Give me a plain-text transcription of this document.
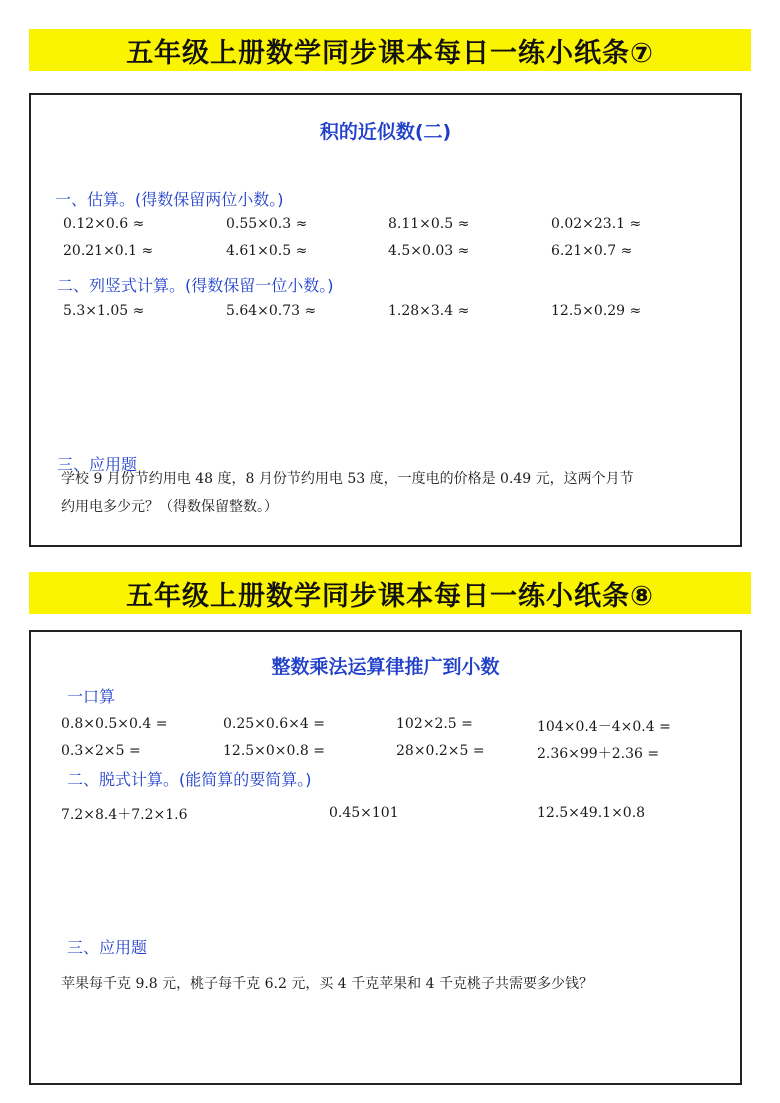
五年级上册数学同步课本每日一练小纸条⑦
积的近似数(二)
一、估算。(得数保留两位小数。)
0.12×0.6 ≈	0.55×0.3 ≈	8.11×0.5 ≈	0.02×23.1 ≈
20.21×0.1 ≈	4.61×0.5 ≈	4.5×0.03 ≈	6.21×0.7 ≈
二、列竖式计算。(得数保留一位小数。)
5.3×1.05 ≈	5.64×0.73 ≈	1.28×3.4 ≈	12.5×0.29 ≈
三、应用题
学校 9 月份节约用电 48 度，8 月份节约用电 53 度，一度电的价格是 0.49 元，这两个月节
约用电多少元？（得数保留整数。）
五年级上册数学同步课本每日一练小纸条⑧
整数乘法运算律推广到小数
一口算
0.8×0.5×0.4 =	0.25×0.6×4 =	102×2.5 =	104×0.4－4×0.4 =
0.3×2×5 =	12.5×0×0.8 =	28×0.2×5 =	2.36×99＋2.36 =
二、脱式计算。(能简算的要简算。)
7.2×8.4＋7.2×1.6	0.45×101	12.5×49.1×0.8
三、应用题
苹果每千克 9.8 元，桃子每千克 6.2 元，买 4 千克苹果和 4 千克桃子共需要多少钱？
